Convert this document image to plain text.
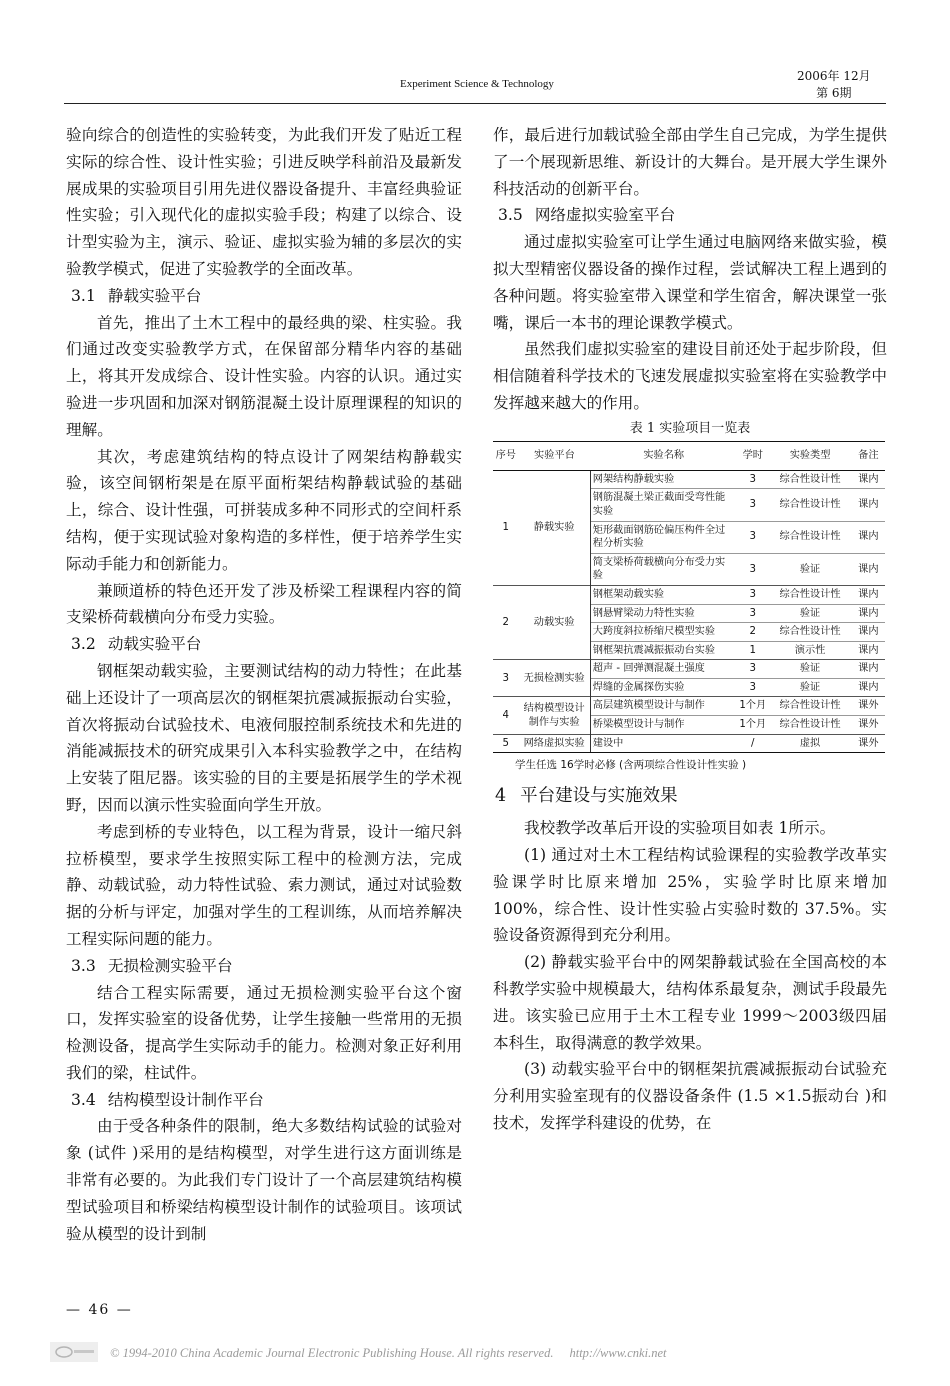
Experiment Science & Technology
2006年 12月
第 6期

验向综合的创造性的实验转变，为此我们开发了贴近工程实际的综合性、设计性实验；引进反映学科前沿及最新发展成果的实验项目引用先进仪器设备提升、丰富经典验证性实验；引入现代化的虚拟实验手段；构建了以综合、设计型实验为主，演示、验证、虚拟实验为辅的多层次的实验教学模式，促进了实验教学的全面改革。

3.1 静载实验平台

首先，推出了土木工程中的最经典的梁、柱实验。我们通过改变实验教学方式，在保留部分精华内容的基础上，将其开发成综合、设计性实验。内容的认识。通过实验进一步巩固和加深对钢筋混凝土设计原理课程的知识的理解。

其次，考虑建筑结构的特点设计了网架结构静载实验，该空间钢桁架是在原平面桁架结构静载试验的基础上，综合、设计性强，可拼装成多种不同形式的空间杆系结构，便于实现试验对象构造的多样性，便于培养学生实际动手能力和创新能力。

兼顾道桥的特色还开发了涉及桥梁工程课程内容的简支梁桥荷载横向分布受力实验。

3.2 动载实验平台

钢框架动载实验，主要测试结构的动力特性；在此基础上还设计了一项高层次的钢框架抗震减振振动台实验，首次将振动台试验技术、电液伺服控制系统技术和先进的消能减振技术的研究成果引入本科实验教学之中，在结构上安装了阻尼器。该实验的目的主要是拓展学生的学术视野，因而以演示性实验面向学生开放。

考虑到桥的专业特色，以工程为背景，设计一缩尺斜拉桥模型，要求学生按照实际工程中的检测方法，完成静、动载试验，动力特性试验、索力测试，通过对试验数据的分析与评定，加强对学生的工程训练，从而培养解决工程实际问题的能力。

3.3 无损检测实验平台

结合工程实际需要，通过无损检测实验平台这个窗口，发挥实验室的设备优势，让学生接触一些常用的无损检测设备，提高学生实际动手的能力。检测对象正好利用我们的梁，柱试件。

3.4 结构模型设计制作平台

由于受各种条件的限制，绝大多数结构试验的试验对象 (试件 )采用的是结构模型，对学生进行这方面训练是非常有必要的。为此我们专门设计了一个高层建筑结构模型试验项目和桥梁结构模型设计制作的试验项目。该项试验从模型的设计到制

作，最后进行加载试验全部由学生自己完成，为学生提供了一个展现新思维、新设计的大舞台。是开展大学生课外科技活动的创新平台。

3.5 网络虚拟实验室平台

通过虚拟实验室可让学生通过电脑网络来做实验，模拟大型精密仪器设备的操作过程，尝试解决工程上遇到的各种问题。将实验室带入课堂和学生宿舍，解决课堂一张嘴，课后一本书的理论课教学模式。

虽然我们虚拟实验室的建设目前还处于起步阶段，但相信随着科学技术的飞速发展虚拟实验室将在实验教学中发挥越来越大的作用。

表 1 实验项目一览表
序号	实验平台	实验名称	学时	实验类型	备注
1	静载实验	网架结构静载实验	3	综合性设计性	课内
		钢筋混凝土梁正截面受弯性能实验	3	综合性设计性	课内
		矩形截面钢筋砼偏压构件全过程分析实验	3	综合性设计性	课内
		简支梁桥荷载横向分布受力实验	3	验证	课内
2	动载实验	钢框架动载实验	3	综合性设计性	课内
		钢悬臂梁动力特性实验	3	验证	课内
		大跨度斜拉桥缩尺模型实验	2	综合性设计性	课内
		钢框架抗震减振振动台实验	1	演示性	课内
3	无损检测实验	超声 - 回弹测混凝土强度	3	验证	课内
		焊缝的金属探伤实验	3	验证	课内
4	结构模型设计制作与实验	高层建筑模型设计与制作	1个月	综合性设计性	课外
		桥梁模型设计与制作	1个月	综合性设计性	课外
5	网络虚拟实验	建设中	/	虚拟	课外
学生任选 16学时必修 (含两项综合性设计性实验 )

4 平台建设与实施效果

我校教学改革后开设的实验项目如表 1所示。

(1) 通过对土木工程结构试验课程的实验教学改革实验课学时比原来增加 25%，实验学时比原来增加 100%，综合性、设计性实验占实验时数的 37.5%。实验设备资源得到充分利用。

(2) 静载实验平台中的网架静载试验在全国高校的本科教学实验中规模最大，结构体系最复杂，测试手段最先进。该实验已应用于土木工程专业 1999～2003级四届本科生，取得满意的教学效果。

(3) 动载实验平台中的钢框架抗震减振振动台试验充分利用实验室现有的仪器设备条件 (1.5 ×1.5振动台 )和技术，发挥学科建设的优势，在

— 46 —
© 1994-2010 China Academic Journal Electronic Publishing House. All rights reserved. http://www.cnki.net
